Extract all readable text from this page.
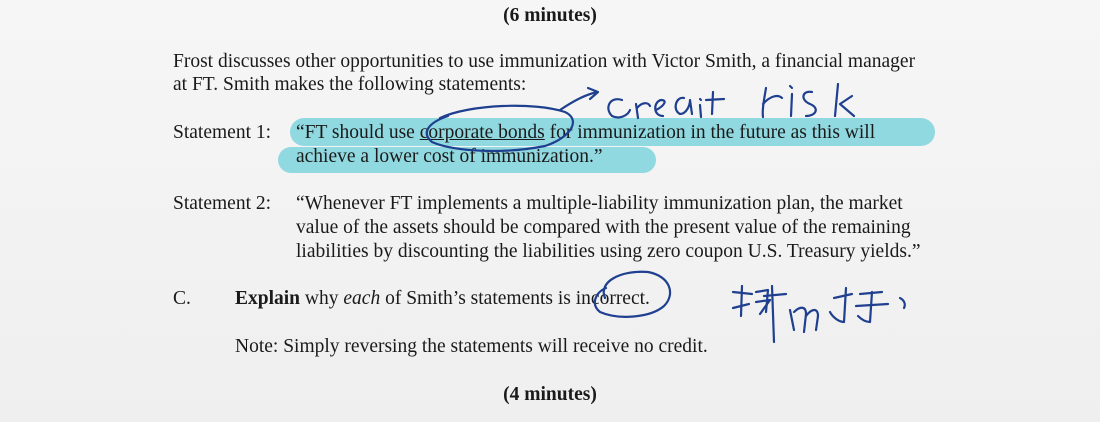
(6 minutes)
Frost discusses other opportunities to use immunization with Victor Smith, a financial manager
at FT. Smith makes the following statements:
Statement 1: “FT should use corporate bonds for immunization in the future as this will
achieve a lower cost of immunization.”
Statement 2: “Whenever FT implements a multiple-liability immunization plan, the market
value of the assets should be compared with the present value of the remaining
liabilities by discounting the liabilities using zero coupon U.S. Treasury yields.”
C. Explain why each of Smith’s statements is incorrect.
Note: Simply reversing the statements will receive no credit.
(4 minutes)
